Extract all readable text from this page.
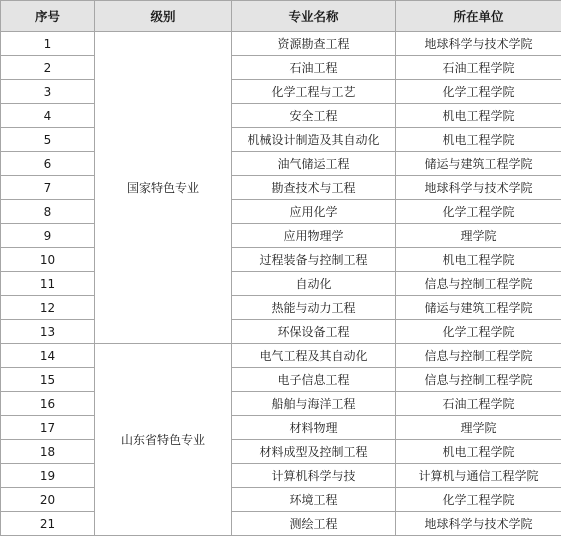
序号	级别	专业名称	所在单位
1	国家特色专业	资源勘查工程	地球科学与技术学院
2		石油工程	石油工程学院
3		化学工程与工艺	化学工程学院
4		安全工程	机电工程学院
5		机械设计制造及其自动化	机电工程学院
6		油气储运工程	储运与建筑工程学院
7		勘查技术与工程	地球科学与技术学院
8		应用化学	化学工程学院
9		应用物理学	理学院
10		过程装备与控制工程	机电工程学院
11		自动化	信息与控制工程学院
12		热能与动力工程	储运与建筑工程学院
13		环保设备工程	化学工程学院
14	山东省特色专业	电气工程及其自动化	信息与控制工程学院
15		电子信息工程	信息与控制工程学院
16		船舶与海洋工程	石油工程学院
17		材料物理	理学院
18		材料成型及控制工程	机电工程学院
19		计算机科学与技	计算机与通信工程学院
20		环境工程	化学工程学院
21		测绘工程	地球科学与技术学院
